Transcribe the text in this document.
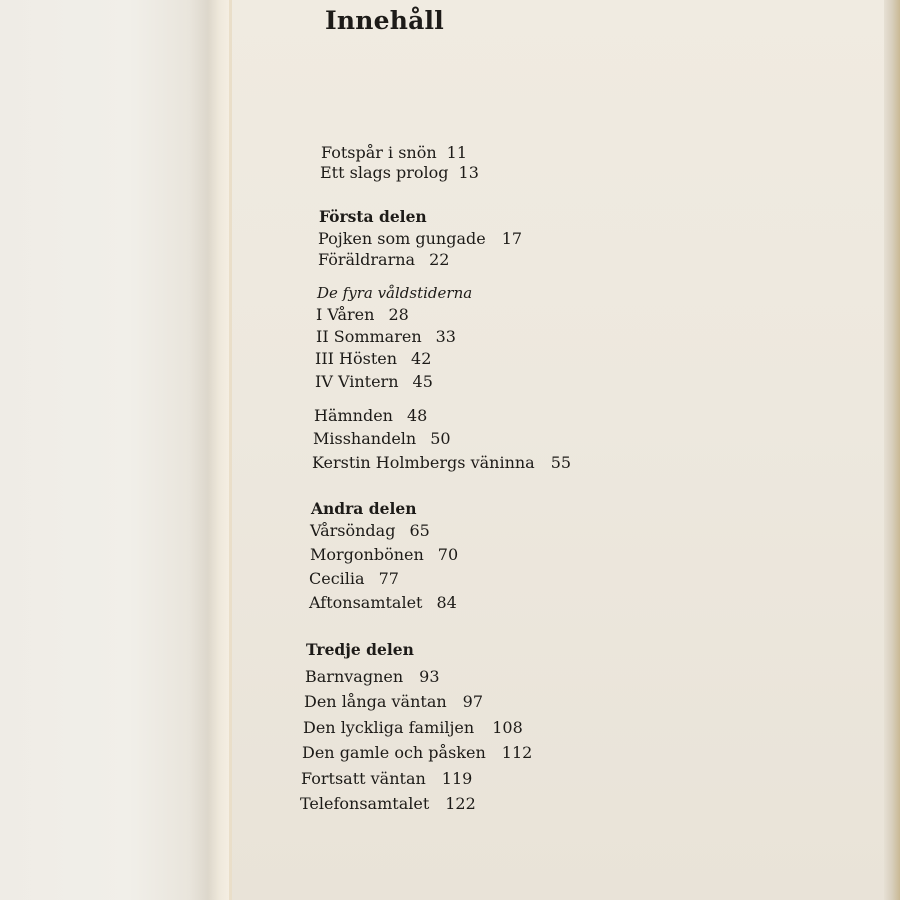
Innehåll
Fotspår i snön 11
Ett slags prolog 13
Första delen
Pojken som gungade 17
Föräldrarna 22
De fyra våldstiderna
I Våren 28
II Sommaren 33
III Hösten 42
IV Vintern 45
Hämnden 48
Misshandeln 50
Kerstin Holmbergs väninna 55
Andra delen
Vårsöndag 65
Morgonbönen 70
Cecilia 77
Aftonsamtalet 84
Tredje delen
Barnvagnen 93
Den långa väntan 97
Den lyckliga familjen 108
Den gamle och påsken 112
Fortsatt väntan 119
Telefonsamtalet 122
